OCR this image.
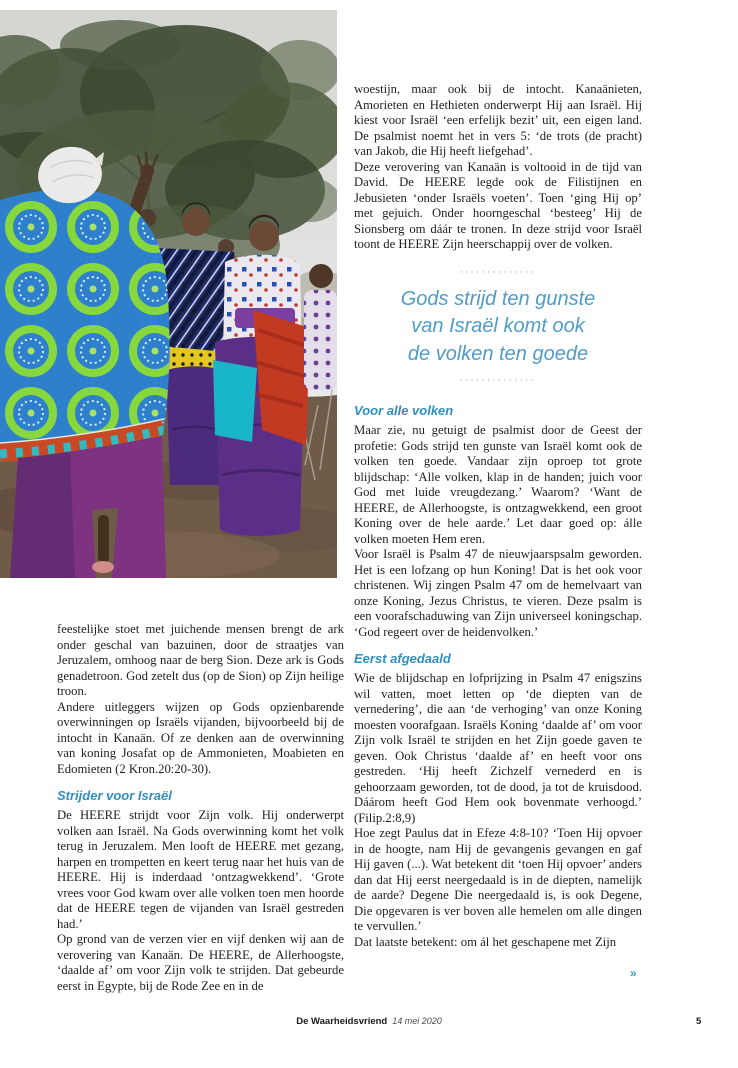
woestijn, maar ook bij de intocht. Kanaänieten, Amorieten en Hethieten onderwerpt Hij aan Israël. Hij kiest voor Israël ‘een erfelijk bezit’ uit, een eigen land. De psalmist noemt het in vers 5: ‘de trots (de pracht) van Jakob, die Hij heeft liefgehad’.

Deze verovering van Kanaän is voltooid in de tijd van David. De HEERE legde ook de Filistijnen en Jebusieten ‘onder Israëls voeten’. Toen ‘ging Hij op’ met gejuich. Onder hoorngeschal ‘besteeg’ Hij de Sionsberg om dáár te tronen. In deze strijd voor Israël toont de HEERE Zijn heerschappij over de volken.

··············
Gods strijd ten gunste
van Israël komt ook
de volken ten goede
··············
Voor alle volken

Maar zie, nu getuigt de psalmist door de Geest der profetie: Gods strijd ten gunste van Israël komt ook de volken ten goede. Vandaar zijn oproep tot grote blijdschap: ‘Alle volken, klap in de handen; juich voor God met luide vreugdezang.’ Waarom? ‘Want de HEERE, de Allerhoogste, is ontzagwekkend, een groot Koning over de hele aarde.’ Let daar goed op: álle volken moeten Hem eren.

Voor Israël is Psalm 47 de nieuwjaarspsalm geworden. Het is een lofzang op hun Koning! Dat is het ook voor christenen. Wij zingen Psalm 47 om de hemelvaart van onze Koning, Jezus Christus, te vieren. Deze psalm is een voorafschaduwing van Zijn universeel koningschap. ‘God regeert over de heidenvolken.’

Eerst afgedaald

Wie de blijdschap en lofprijzing in Psalm 47 enigszins wil vatten, moet letten op ‘de diepten van de vernedering’, die aan ‘de verhoging’ van onze Koning moesten voorafgaan. Israëls Koning ‘daalde af’ om voor Zijn volk Israël te strijden en het Zijn goede gaven te geven. Ook Christus ‘daalde af’ en heeft voor ons gestreden. ‘Hij heeft Zichzelf vernederd en is gehoorzaam geworden, tot de dood, ja tot de kruisdood. Dáárom heeft God Hem ook bovenmate verhoogd.’ (Filip.2:8,9)

Hoe zegt Paulus dat in Efeze 4:8-10? ‘Toen Hij opvoer in de hoogte, nam Hij de gevangenis gevangen en gaf Hij gaven (...). Wat betekent dit ‘toen Hij opvoer’ anders dan dat Hij eerst neergedaald is in de diepten, namelijk de aarde? Degene Die neergedaald is, is ook Degene, Die opgevaren is ver boven alle hemelen om alle dingen te vervullen.’

Dat laatste betekent: om ál het geschapene met Zijn

feestelijke stoet met juichende mensen brengt de ark onder geschal van bazuinen, door de straatjes van Jeruzalem, omhoog naar de berg Sion. Deze ark is Gods genadetroon. God zetelt dus (op de Sion) op Zijn heilige troon.

Andere uitleggers wijzen op Gods opzienbarende overwinningen op Israëls vijanden, bijvoorbeeld bij de intocht in Kanaän. Of ze denken aan de overwinning van koning Josafat op de Ammonieten, Moabieten en Edomieten (2 Kron.20:20-30).

Strijder voor Israël

De HEERE strijdt voor Zijn volk. Hij onderwerpt volken aan Israël. Na Gods overwinning komt het volk terug in Jeruzalem. Men looft de HEERE met gezang, harpen en trompetten en keert terug naar het huis van de HEERE. Hij is inderdaad ‘ontzagwekkend’. ‘Grote vrees voor God kwam over alle volken toen men hoorde dat de HEERE tegen de vijanden van Israël gestreden had.’

Op grond van de verzen vier en vijf denken wij aan de verovering van Kanaän. De HEERE, de Allerhoogste, ‘daalde af’ om voor Zijn volk te strijden. Dat gebeurde eerst in Egypte, bij de Rode Zee en in de

»
De Waarheidsvriend 14 mei 2020	5
